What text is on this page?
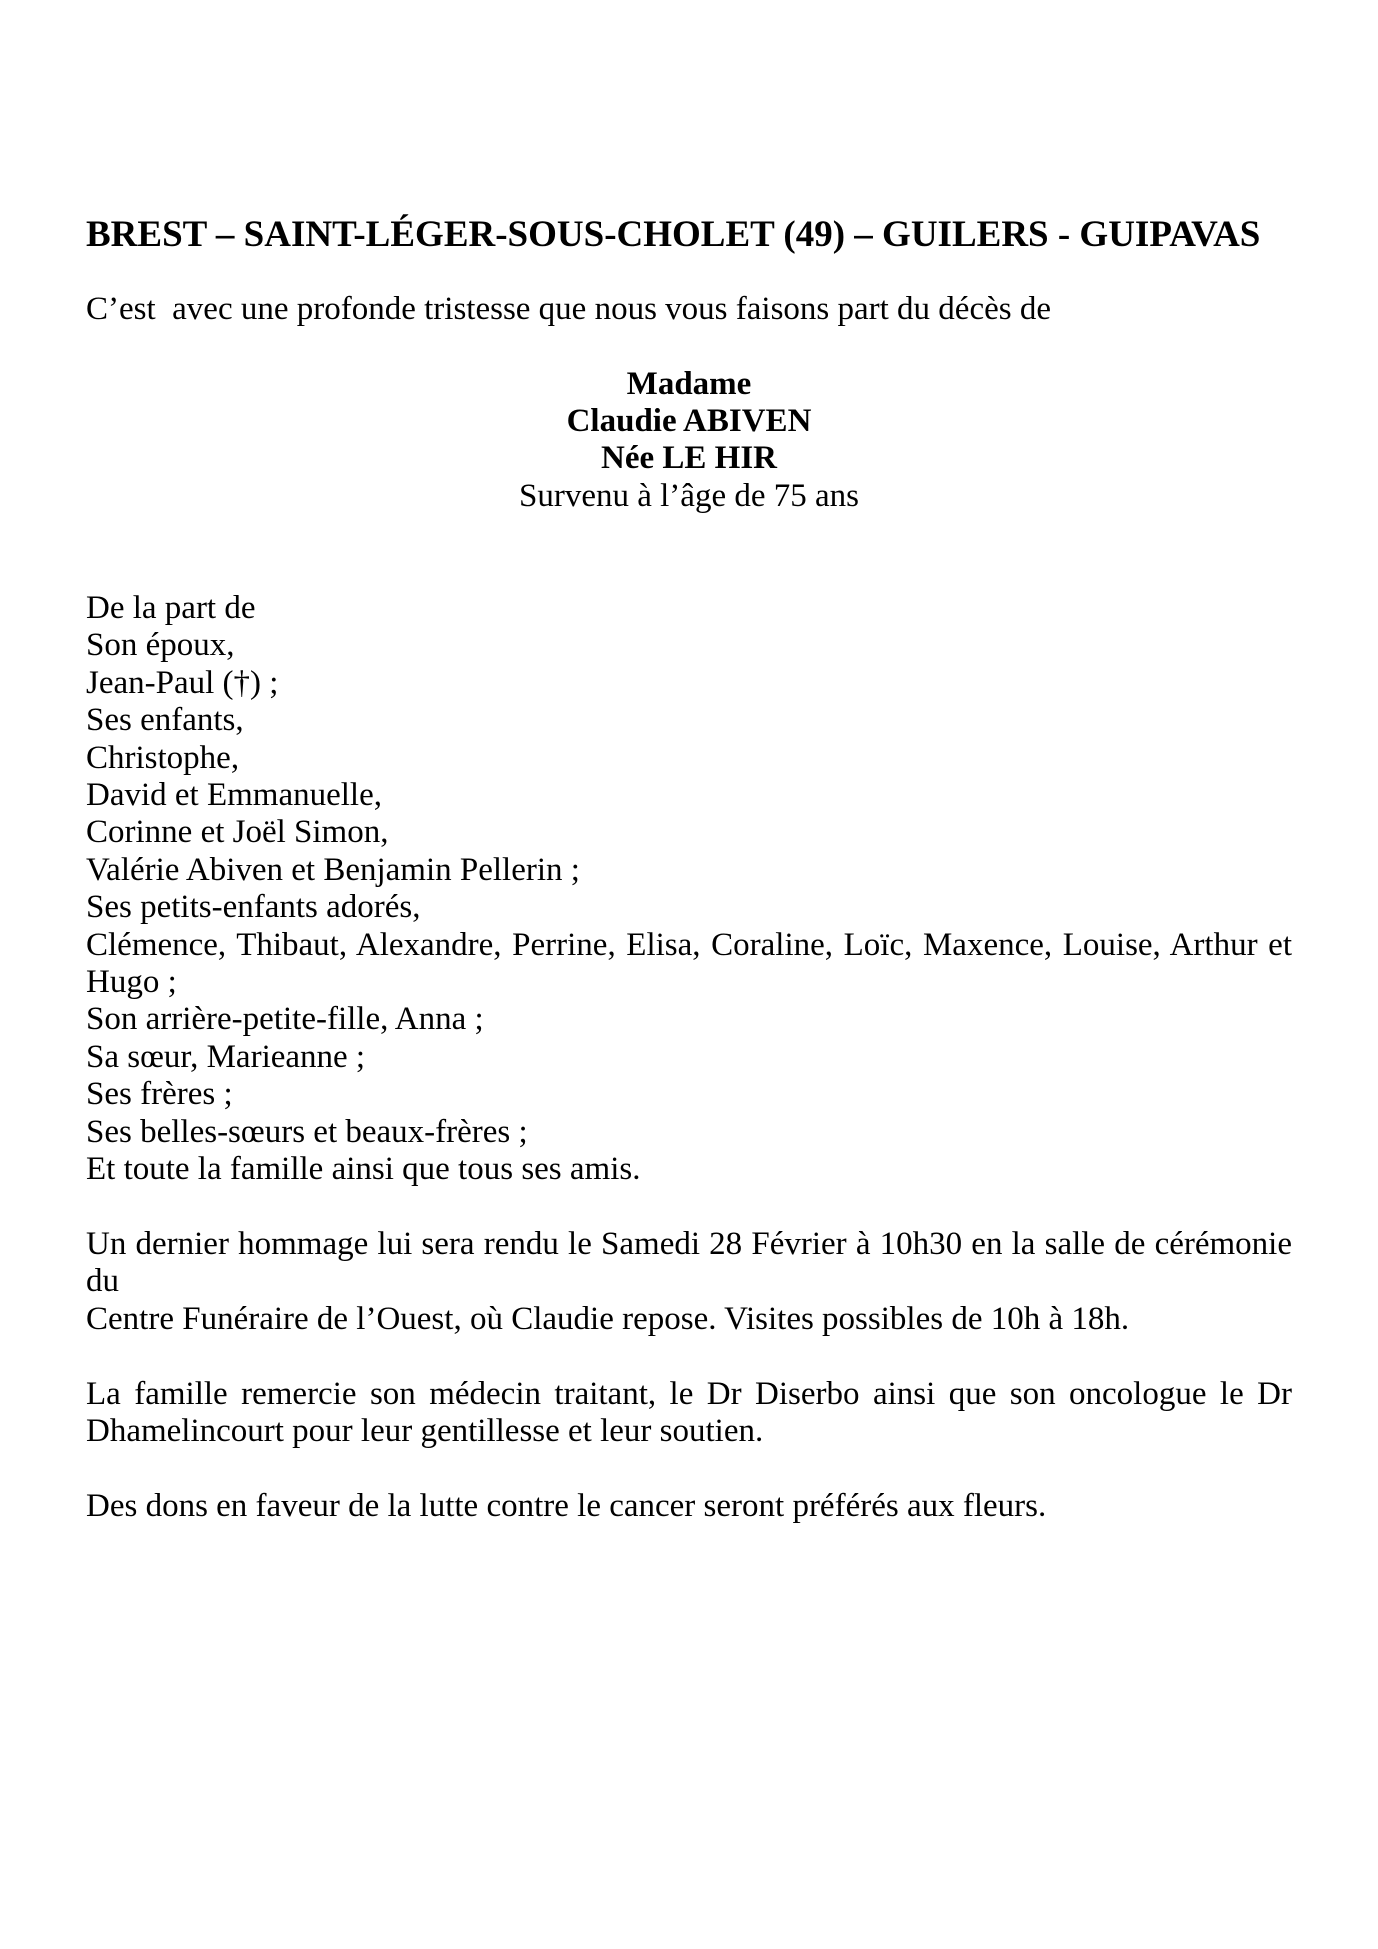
BREST – SAINT-LÉGER-SOUS-CHOLET (49) – GUILERS - GUIPAVAS

C’est  avec une profonde tristesse que nous vous faisons part du décès de

Madame
Claudie ABIVEN
Née LE HIR
Survenu à l’âge de 75 ans
De la part de
Son époux,
Jean-Paul (†) ;
Ses enfants,
Christophe,
David et Emmanuelle,
Corinne et Joël Simon,
Valérie Abiven et Benjamin Pellerin ;
Ses petits-enfants adorés,
Clémence, Thibaut, Alexandre, Perrine, Elisa, Coraline, Loïc, Maxence, Louise, Arthur et
Hugo ;
Son arrière-petite-fille, Anna ;
Sa sœur, Marieanne ;
Ses frères ;
Ses belles-sœurs et beaux-frères ;
Et toute la famille ainsi que tous ses amis.
Un dernier hommage lui sera rendu le Samedi 28 Février à 10h30 en la salle de cérémonie du
Centre Funéraire de l’Ouest, où Claudie repose. Visites possibles de 10h à 18h.
La famille remercie son médecin traitant, le Dr Diserbo ainsi que son oncologue le Dr
Dhamelincourt pour leur gentillesse et leur soutien.
Des dons en faveur de la lutte contre le cancer seront préférés aux fleurs.
